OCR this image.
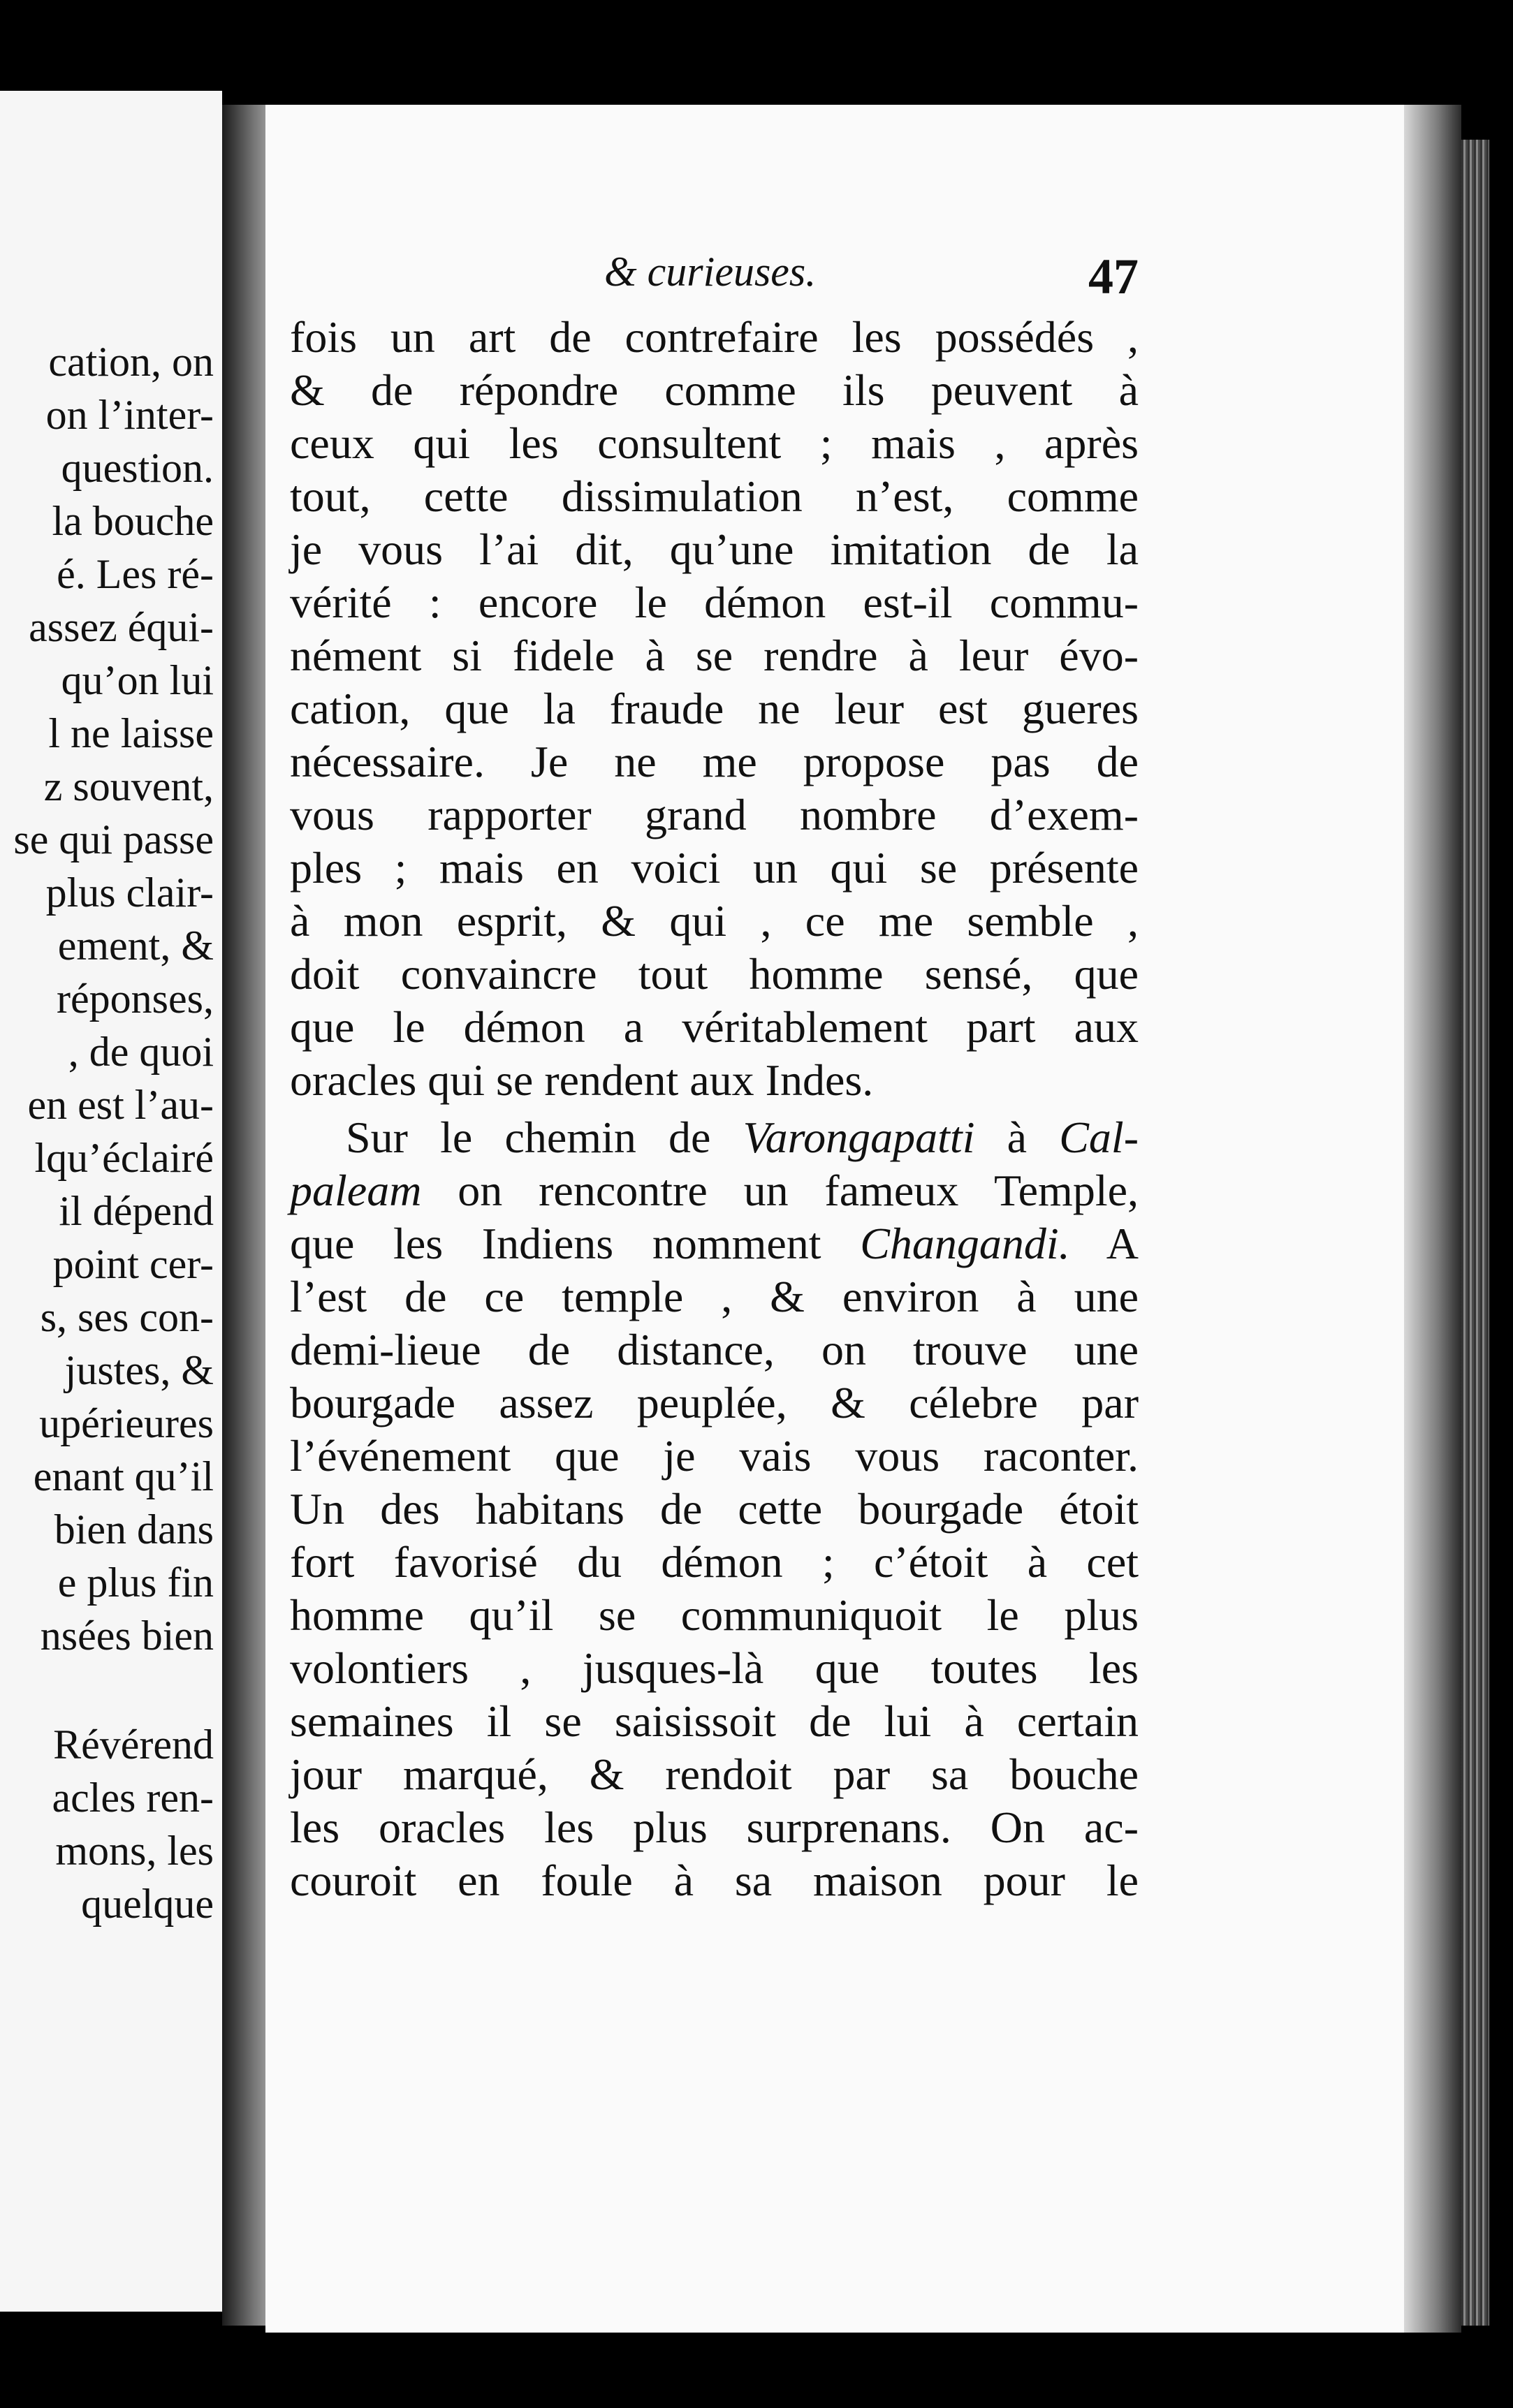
cation, on
on l’inter-
question.
la bouche
é. Les ré-
assez équi-
qu’on lui
l ne laisse
z souvent,
se qui passe
plus clair-
ement, &
réponses,
, de quoi
en est l’au-
lqu’éclairé
il dépend
point cer-
s, ses con-
justes, &
upérieures
enant qu’il
bien dans
e plus fin
nsées bien
Révérend
acles ren-
mons, les
quelque
& curieuses.	47
fois un art de contrefaire les possédés ,
& de répondre comme ils peuvent à
ceux qui les consultent ; mais , après
tout, cette dissimulation n’est, comme
je vous l’ai dit, qu’une imitation de la
vérité : encore le démon est-il commu-
nément si fidele à se rendre à leur évo-
cation, que la fraude ne leur est gueres
nécessaire. Je ne me propose pas de
vous rapporter grand nombre d’exem-
ples ; mais en voici un qui se présente
à mon esprit, & qui , ce me semble ,
doit convaincre tout homme sensé, que
que le démon a véritablement part aux
oracles qui se rendent aux Indes.
Sur le chemin de Varongapatti à Cal-
paleam on rencontre un fameux Temple,
que les Indiens nomment Changandi. A
l’est de ce temple , & environ à une
demi-lieue de distance, on trouve une
bourgade assez peuplée, & célebre par
l’événement que je vais vous raconter.
Un des habitans de cette bourgade étoit
fort favorisé du démon ; c’étoit à cet
homme qu’il se communiquoit le plus
volontiers , jusques-là que toutes les
semaines il se saisissoit de lui à certain
jour marqué, & rendoit par sa bouche
les oracles les plus surprenans. On ac-
couroit en foule à sa maison pour le
